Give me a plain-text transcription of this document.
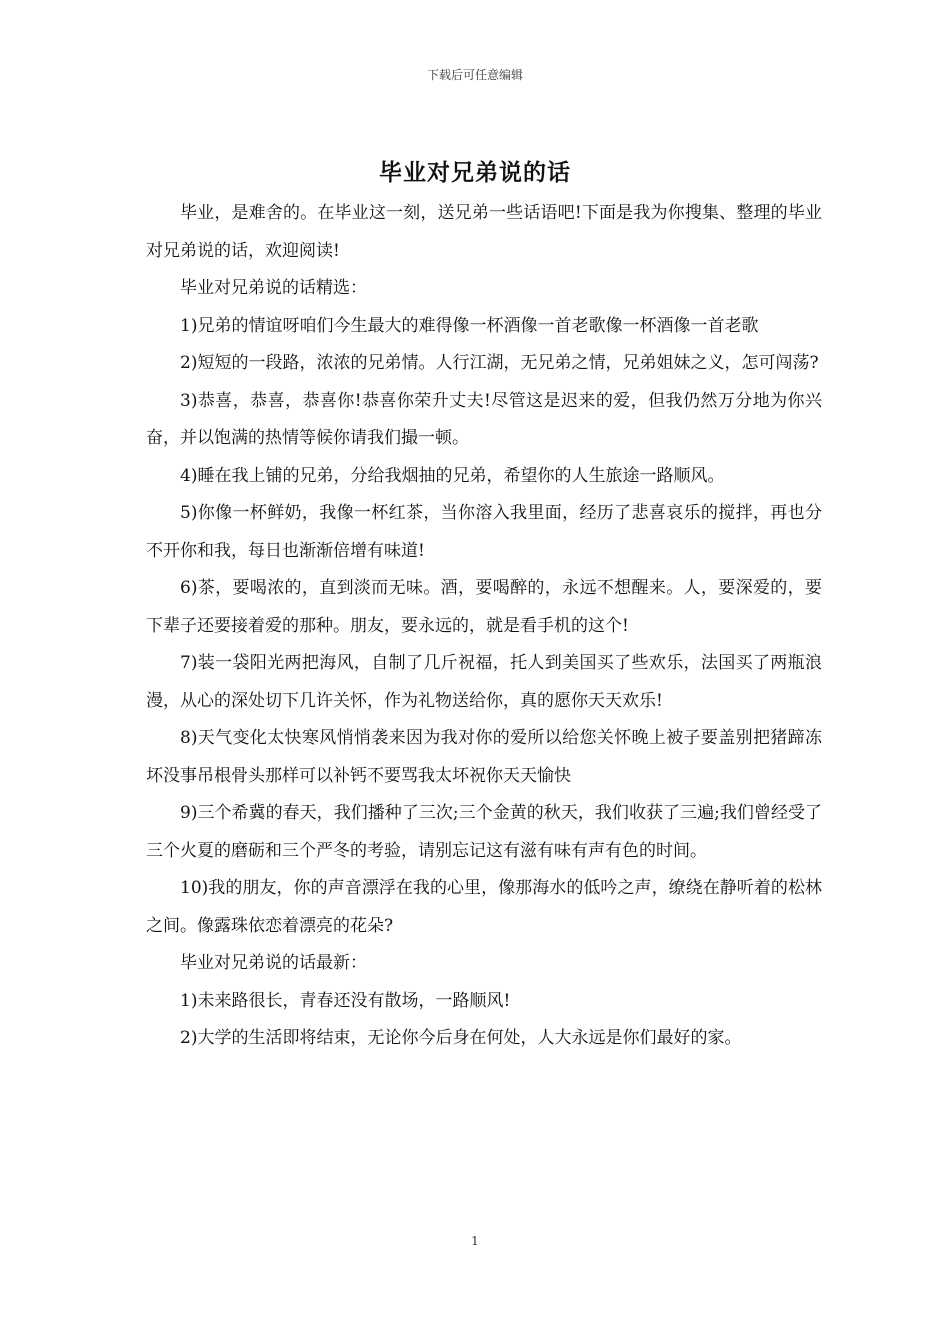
下载后可任意编辑
毕业对兄弟说的话

毕业，是难舍的。在毕业这一刻，送兄弟一些话语吧!下面是我为你搜集、整理的毕业对兄弟说的话，欢迎阅读!

毕业对兄弟说的话精选：

1)兄弟的情谊呀咱们今生最大的难得像一杯酒像一首老歌像一杯酒像一首老歌

2)短短的一段路，浓浓的兄弟情。人行江湖，无兄弟之情，兄弟姐妹之义，怎可闯荡?

3)恭喜，恭喜，恭喜你!恭喜你荣升丈夫!尽管这是迟来的爱，但我仍然万分地为你兴奋，并以饱满的热情等候你请我们撮一顿。

4)睡在我上铺的兄弟，分给我烟抽的兄弟，希望你的人生旅途一路顺风。

5)你像一杯鲜奶，我像一杯红茶，当你溶入我里面，经历了悲喜哀乐的搅拌，再也分不开你和我，每日也渐渐倍增有味道!

6)茶，要喝浓的，直到淡而无味。酒，要喝醉的，永远不想醒来。人，要深爱的，要下辈子还要接着爱的那种。朋友，要永远的，就是看手机的这个!

7)装一袋阳光两把海风，自制了几斤祝福，托人到美国买了些欢乐，法国买了两瓶浪漫，从心的深处切下几许关怀，作为礼物送给你，真的愿你天天欢乐!

8)天气变化太快寒风悄悄袭来因为我对你的爱所以给您关怀晚上被子要盖别把猪蹄冻坏没事吊根骨头那样可以补钙不要骂我太坏祝你天天愉快

9)三个希冀的春天，我们播种了三次;三个金黄的秋天，我们收获了三遍;我们曾经受了三个火夏的磨砺和三个严冬的考验，请别忘记这有滋有味有声有色的时间。

10)我的朋友，你的声音漂浮在我的心里，像那海水的低吟之声，缭绕在静听着的松林之间。像露珠依恋着漂亮的花朵?

毕业对兄弟说的话最新：

1)未来路很长，青春还没有散场，一路顺风!

2)大学的生活即将结束，无论你今后身在何处，人大永远是你们最好的家。

1
